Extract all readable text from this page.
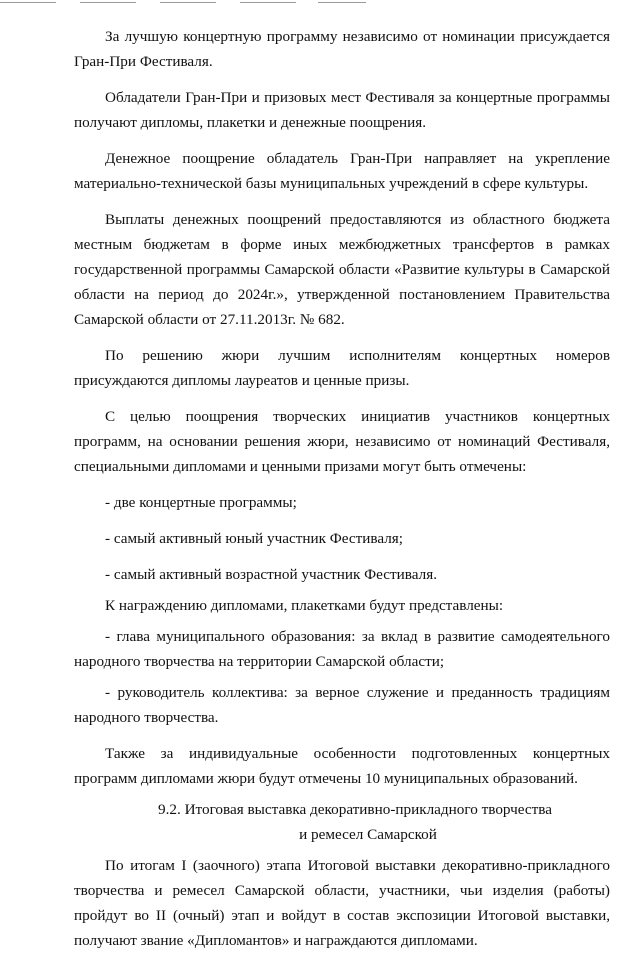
За лучшую концертную программу независимо от номинации присуждается Гран-При Фестиваля.

Обладатели Гран-При и призовых мест Фестиваля за концертные программы получают дипломы, плакетки и денежные поощрения.

Денежное поощрение обладатель Гран-При направляет на укрепление материально-технической базы муниципальных учреждений в сфере культуры.

Выплаты денежных поощрений предоставляются из областного бюджета местным бюджетам в форме иных межбюджетных трансфертов в рамках государственной программы Самарской области «Развитие культуры в Самарской области на период до 2024г.», утвержденной постановлением Правительства Самарской области от 27.11.2013г. № 682.

По решению жюри лучшим исполнителям концертных номеров присуждаются дипломы лауреатов и ценные призы.

С целью поощрения творческих инициатив участников концертных программ, на основании решения жюри, независимо от номинаций Фестиваля, специальными дипломами и ценными призами могут быть отмечены:

- две концертные программы;

- самый активный юный участник Фестиваля;

- самый активный возрастной участник Фестиваля.

К награждению дипломами, плакетками будут представлены:

- глава муниципального образования: за вклад в развитие самодеятельного народного творчества на территории Самарской области;

- руководитель коллектива: за верное служение и преданность традициям народного творчества.

Также за индивидуальные особенности подготовленных концертных программ дипломами жюри будут отмечены 10 муниципальных образований.

9.2. Итоговая выставка декоративно-прикладного творчества
и ремесел Самарской

По итогам I (заочного) этапа Итоговой выставки декоративно-прикладного творчества и ремесел Самарской области, участники, чьи изделия (работы) пройдут во II (очный) этап и войдут в состав экспозиции Итоговой выставки, получают звание «Дипломантов» и награждаются дипломами.
